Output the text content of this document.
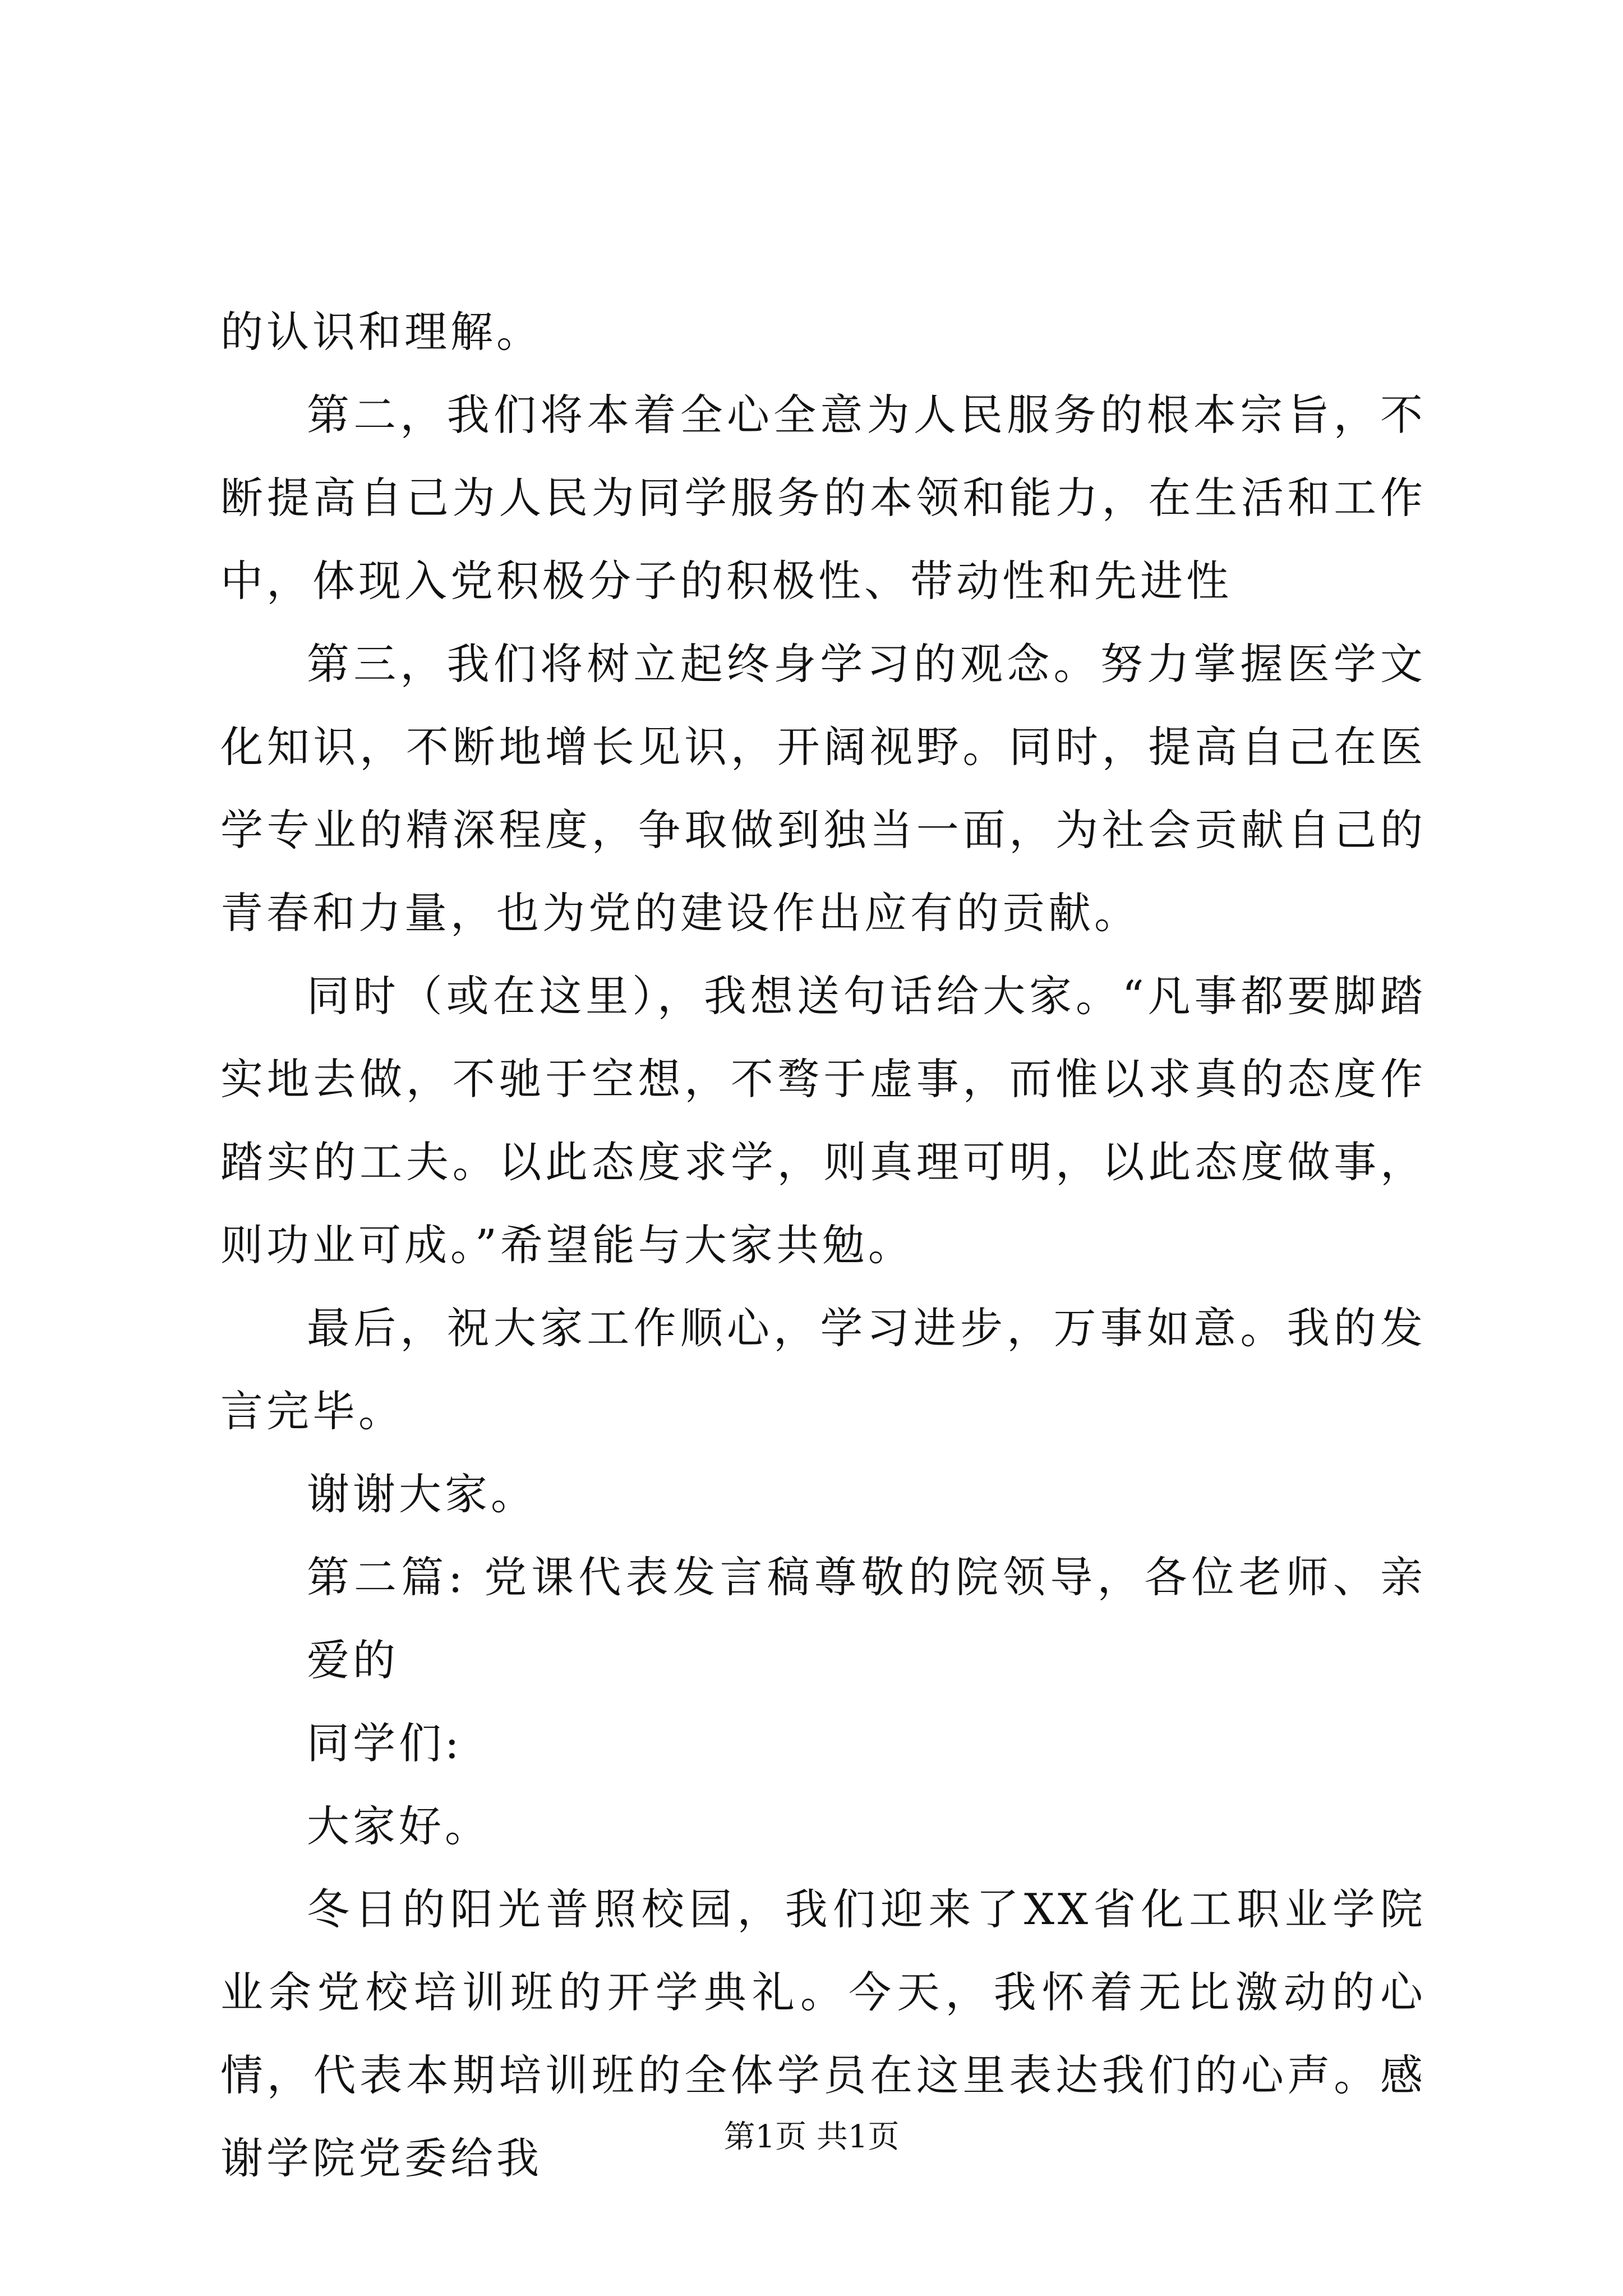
的认识和理解。

第二，我们将本着全心全意为人民服务的根本宗旨，不断提高自己为人民为同学服务的本领和能力，在生活和工作中，体现入党积极分子的积极性、带动性和先进性

第三，我们将树立起终身学习的观念。努力掌握医学文化知识，不断地增长见识，开阔视野。同时，提高自己在医学专业的精深程度，争取做到独当一面，为社会贡献自己的青春和力量，也为党的建设作出应有的贡献。

同时（或在这里），我想送句话给大家。“凡事都要脚踏实地去做，不驰于空想，不骛于虚事，而惟以求真的态度作踏实的工夫。以此态度求学，则真理可明，以此态度做事，则功业可成。”希望能与大家共勉。

最后，祝大家工作顺心，学习进步，万事如意。我的发言完毕。

谢谢大家。

第二篇: 党课代表发言稿尊敬的院领导，各位老师、亲爱的

同学们:

大家好。

冬日的阳光普照校园，我们迎来了XX省化工职业学院业余党校培训班的开学典礼。今天，我怀着无比激动的心情，代表本期培训班的全体学员在这里表达我们的心声。感谢学院党委给我	第1页 共1页
